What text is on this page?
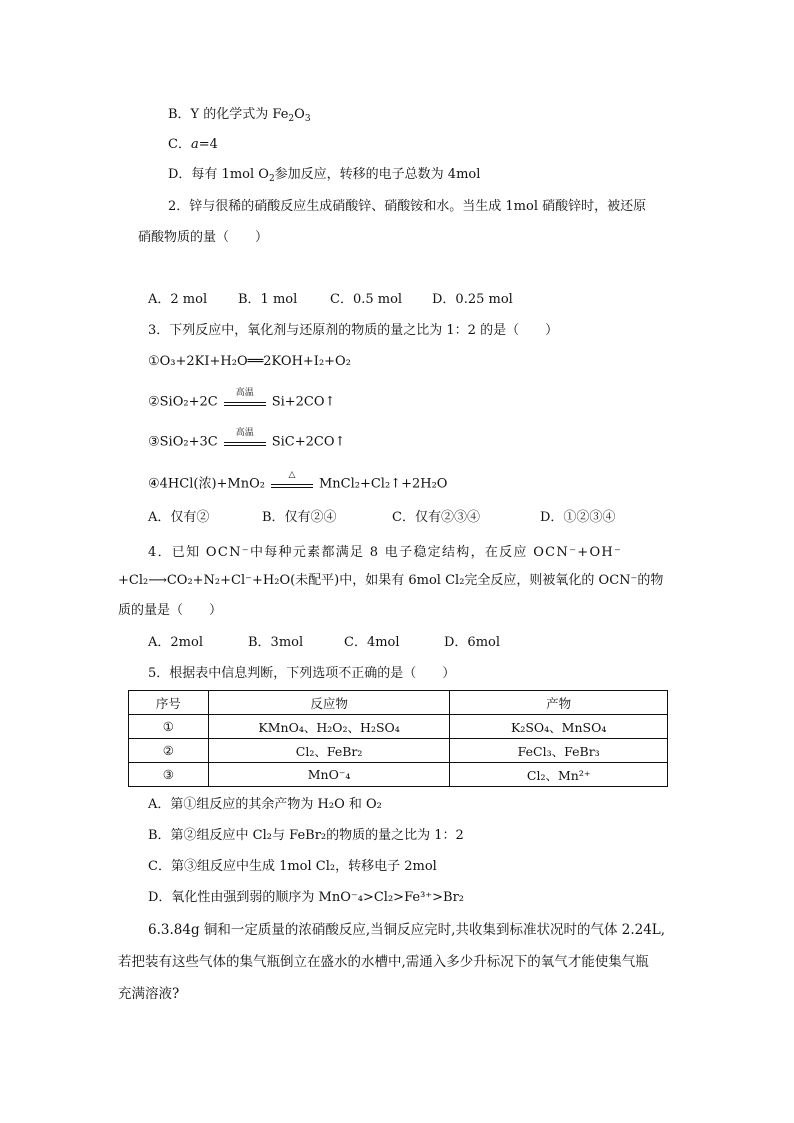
B．Y 的化学式为 $Fe_2O_3$
C．a=4
D．每有 1mol $O_2$参加反应，转移的电子总数为 4mol
2．锌与很稀的硝酸反应生成硝酸锌、硝酸铵和水。当生成 1mol 硝酸锌时，被还原
硝酸物质的量（　　）
A．2 mol B．1 mol	C．0.5 mol D．0.25 mol
3．下列反应中，氧化剂与还原剂的物质的量之比为 1：2 的是（　　）
①O₃+2KI+H₂O══2KOH+I₂+O₂
②SiO₂+2C
高温
Si+2CO↑
③SiO₂+3C
高温
SiC+2CO↑
④4HCl(浓)+MnO₂
△
MnCl₂+Cl₂↑+2H₂O
A．仅有②	B．仅有②④	C．仅有②③④	D．①②③④
4．已知 OCN⁻中每种元素都满足 8 电子稳定结构，在反应 OCN⁻+OH⁻
+Cl₂⟶CO₂+N₂+Cl⁻+H₂O(未配平)中，如果有 6mol Cl₂完全反应，则被氧化的 OCN⁻的物
质的量是（　　）
A．2mol	B．3mol	C．4mol	D．6mol
5．根据表中信息判断，下列选项不正确的是（　　）
序号	反应物	产物
①	KMnO₄、H₂O₂、H₂SO₄	K₂SO₄、MnSO₄
②	Cl₂、FeBr₂	FeCl₃、FeBr₃
③	MnO⁻₄	Cl₂、Mn²⁺
A．第①组反应的其余产物为 H₂O 和 O₂
B．第②组反应中 Cl₂与 FeBr₂的物质的量之比为 1：2
C．第③组反应中生成 1mol Cl₂，转移电子 2mol
D．氧化性由强到弱的顺序为 MnO⁻₄>Cl₂>Fe³⁺>Br₂
6.3.84g 铜和一定质量的浓硝酸反应,当铜反应完时,共收集到标准状况时的气体 2.24L,
若把装有这些气体的集气瓶倒立在盛水的水槽中,需通入多少升标况下的氧气才能使集气瓶
充满溶液?
